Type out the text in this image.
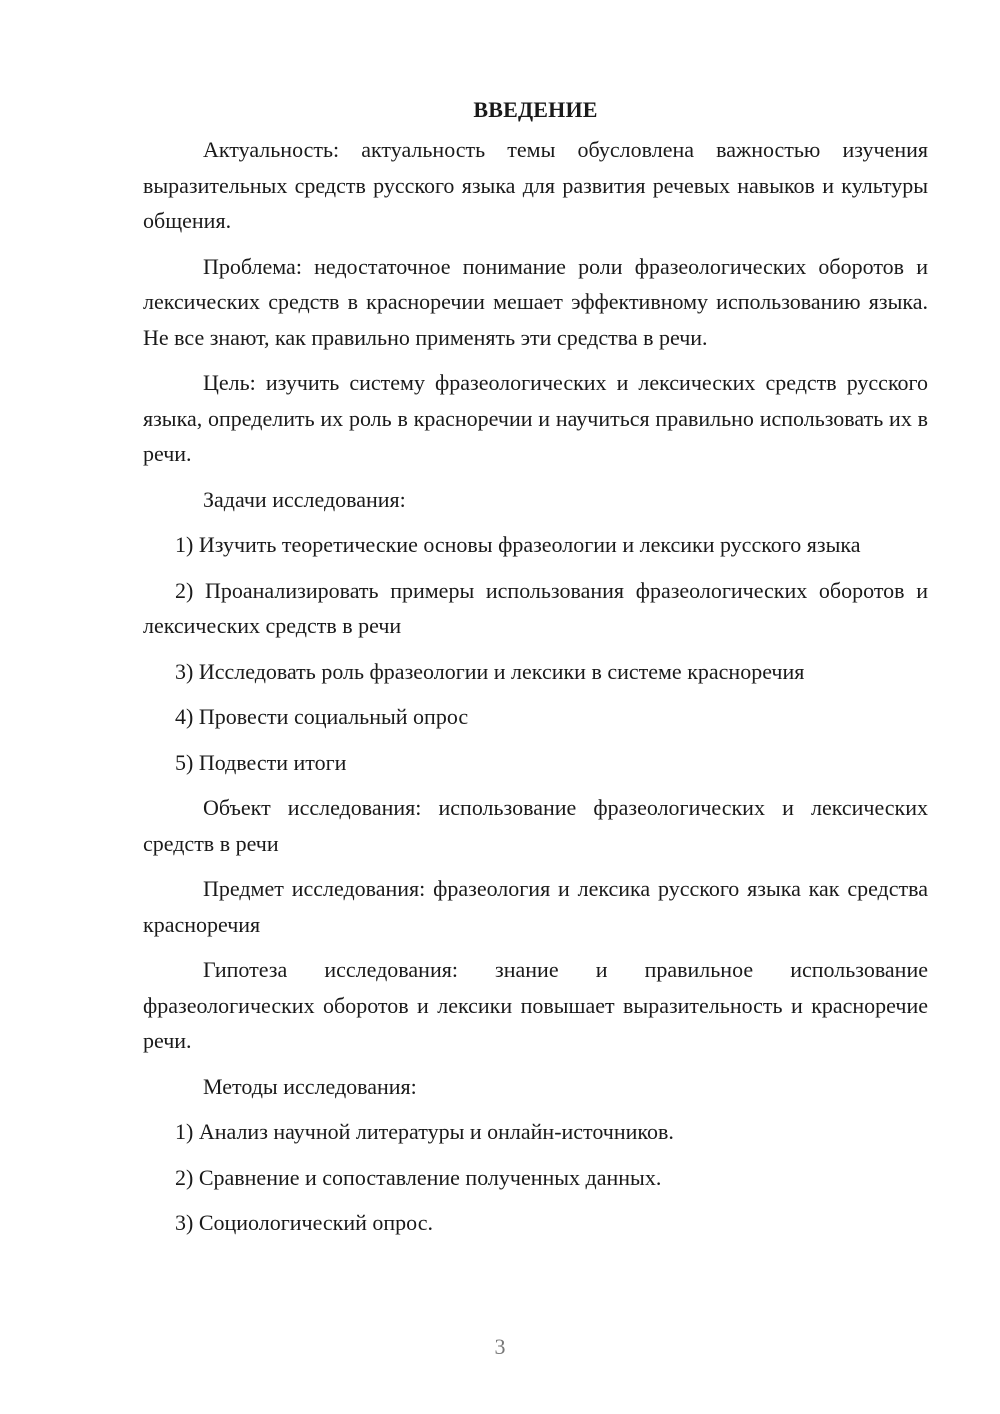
ВВЕДЕНИЕ

Актуальность: актуальность темы обусловлена важностью изучения выразительных средств русского языка для развития речевых навыков и культуры общения.

Проблема: недостаточное понимание роли фразеологических оборотов и лексических средств в красноречии мешает эффективному использованию языка. Не все знают, как правильно применять эти средства в речи.

Цель: изучить систему фразеологических и лексических средств русского языка, определить их роль в красноречии и научиться правильно использовать их в речи.

Задачи исследования:

1) Изучить теоретические основы фразеологии и лексики русского языка

2) Проанализировать примеры использования фразеологических оборотов и лексических средств в речи

3) Исследовать роль фразеологии и лексики в системе красноречия

4) Провести социальный опрос

5) Подвести итоги

Объект исследования: использование фразеологических и лексических средств в речи

Предмет исследования: фразеология и лексика русского языка как средства красноречия

Гипотеза исследования: знание и правильное использование фразеологических оборотов и лексики повышает выразительность и красноречие речи.

Методы исследования:

1) Анализ научной литературы и онлайн-источников.

2) Сравнение и сопоставление полученных данных.

3) Социологический опрос.

3
